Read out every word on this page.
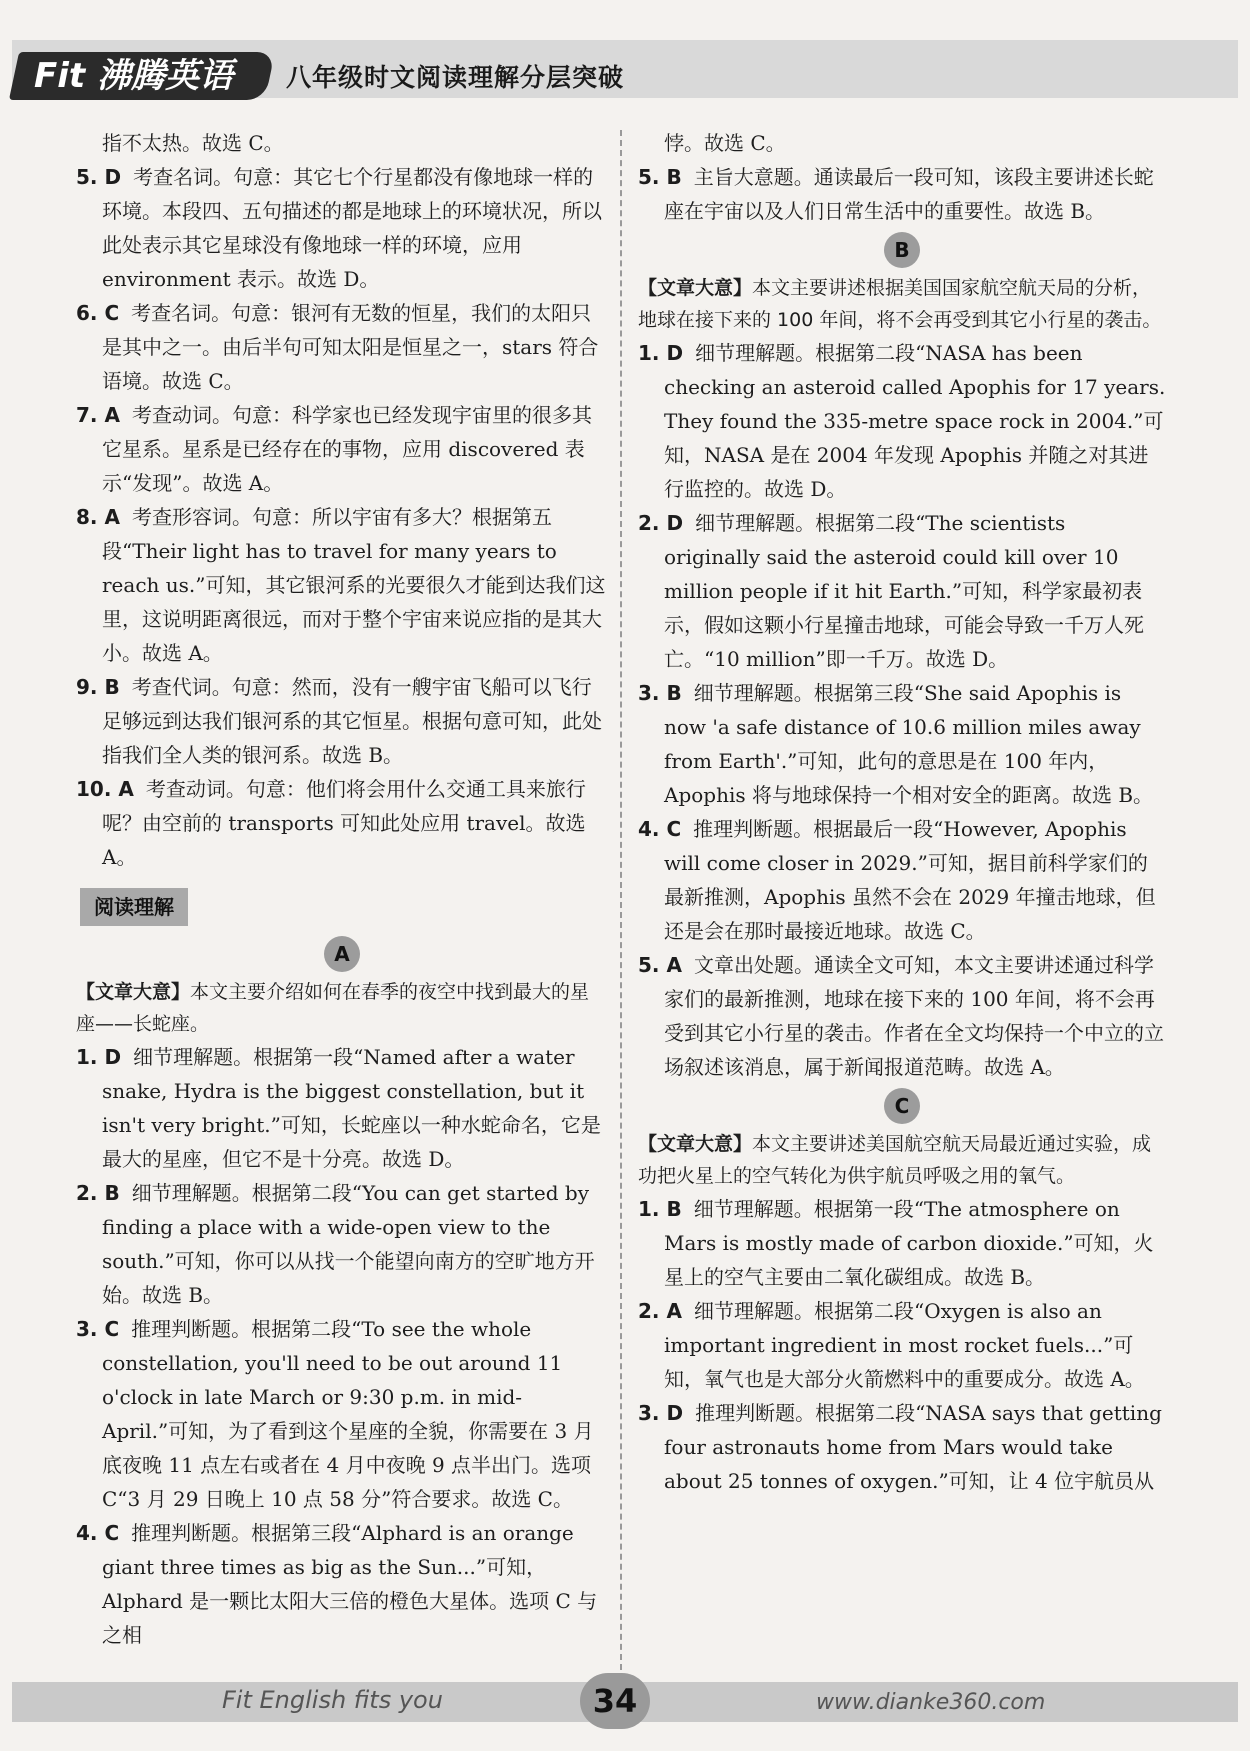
Fit 沸腾英语 八年级时文阅读理解分层突破

指不太热。故选 C。

5. D 考查名词。句意：其它七个行星都没有像地球一样的环境。本段四、五句描述的都是地球上的环境状况，所以此处表示其它星球没有像地球一样的环境，应用 environment 表示。故选 D。

6. C 考查名词。句意：银河有无数的恒星，我们的太阳只是其中之一。由后半句可知太阳是恒星之一，stars 符合语境。故选 C。

7. A 考查动词。句意：科学家也已经发现宇宙里的很多其它星系。星系是已经存在的事物，应用 discovered 表示“发现”。故选 A。

8. A 考查形容词。句意：所以宇宙有多大？根据第五段“Their light has to travel for many years to reach us.”可知，其它银河系的光要很久才能到达我们这里，这说明距离很远，而对于整个宇宙来说应指的是其大小。故选 A。

9. B 考查代词。句意：然而，没有一艘宇宙飞船可以飞行足够远到达我们银河系的其它恒星。根据句意可知，此处指我们全人类的银河系。故选 B。

10. A 考查动词。句意：他们将会用什么交通工具来旅行呢？由空前的 transports 可知此处应用 travel。故选 A。

阅读理解
A

【文章大意】本文主要介绍如何在春季的夜空中找到最大的星座——长蛇座。

1. D 细节理解题。根据第一段“Named after a water snake, Hydra is the biggest constellation, but it isn't very bright.”可知，长蛇座以一种水蛇命名，它是最大的星座，但它不是十分亮。故选 D。

2. B 细节理解题。根据第二段“You can get started by finding a place with a wide-open view to the south.”可知，你可以从找一个能望向南方的空旷地方开始。故选 B。

3. C 推理判断题。根据第二段“To see the whole constellation, you'll need to be out around 11 o'clock in late March or 9:30 p.m. in mid-April.”可知，为了看到这个星座的全貌，你需要在 3 月底夜晚 11 点左右或者在 4 月中夜晚 9 点半出门。选项 C“3 月 29 日晚上 10 点 58 分”符合要求。故选 C。

4. C 推理判断题。根据第三段“Alphard is an orange giant three times as big as the Sun...”可知，Alphard 是一颗比太阳大三倍的橙色大星体。选项 C 与之相

悖。故选 C。

5. B 主旨大意题。通读最后一段可知，该段主要讲述长蛇座在宇宙以及人们日常生活中的重要性。故选 B。

B

【文章大意】本文主要讲述根据美国国家航空航天局的分析，地球在接下来的 100 年间，将不会再受到其它小行星的袭击。

1. D 细节理解题。根据第二段“NASA has been checking an asteroid called Apophis for 17 years. They found the 335-metre space rock in 2004.”可知，NASA 是在 2004 年发现 Apophis 并随之对其进行监控的。故选 D。

2. D 细节理解题。根据第二段“The scientists originally said the asteroid could kill over 10 million people if it hit Earth.”可知，科学家最初表示，假如这颗小行星撞击地球，可能会导致一千万人死亡。“10 million”即一千万。故选 D。

3. B 细节理解题。根据第三段“She said Apophis is now 'a safe distance of 10.6 million miles away from Earth'.”可知，此句的意思是在 100 年内，Apophis 将与地球保持一个相对安全的距离。故选 B。

4. C 推理判断题。根据最后一段“However, Apophis will come closer in 2029.”可知，据目前科学家们的最新推测，Apophis 虽然不会在 2029 年撞击地球，但还是会在那时最接近地球。故选 C。

5. A 文章出处题。通读全文可知，本文主要讲述通过科学家们的最新推测，地球在接下来的 100 年间，将不会再受到其它小行星的袭击。作者在全文均保持一个中立的立场叙述该消息，属于新闻报道范畴。故选 A。

C

【文章大意】本文主要讲述美国航空航天局最近通过实验，成功把火星上的空气转化为供宇航员呼吸之用的氧气。

1. B 细节理解题。根据第一段“The atmosphere on Mars is mostly made of carbon dioxide.”可知，火星上的空气主要由二氧化碳组成。故选 B。

2. A 细节理解题。根据第二段“Oxygen is also an important ingredient in most rocket fuels...”可知，氧气也是大部分火箭燃料中的重要成分。故选 A。

3. D 推理判断题。根据第二段“NASA says that getting four astronauts home from Mars would take about 25 tonnes of oxygen.”可知，让 4 位宇航员从

Fit English fits you	34	www.dianke360.com
